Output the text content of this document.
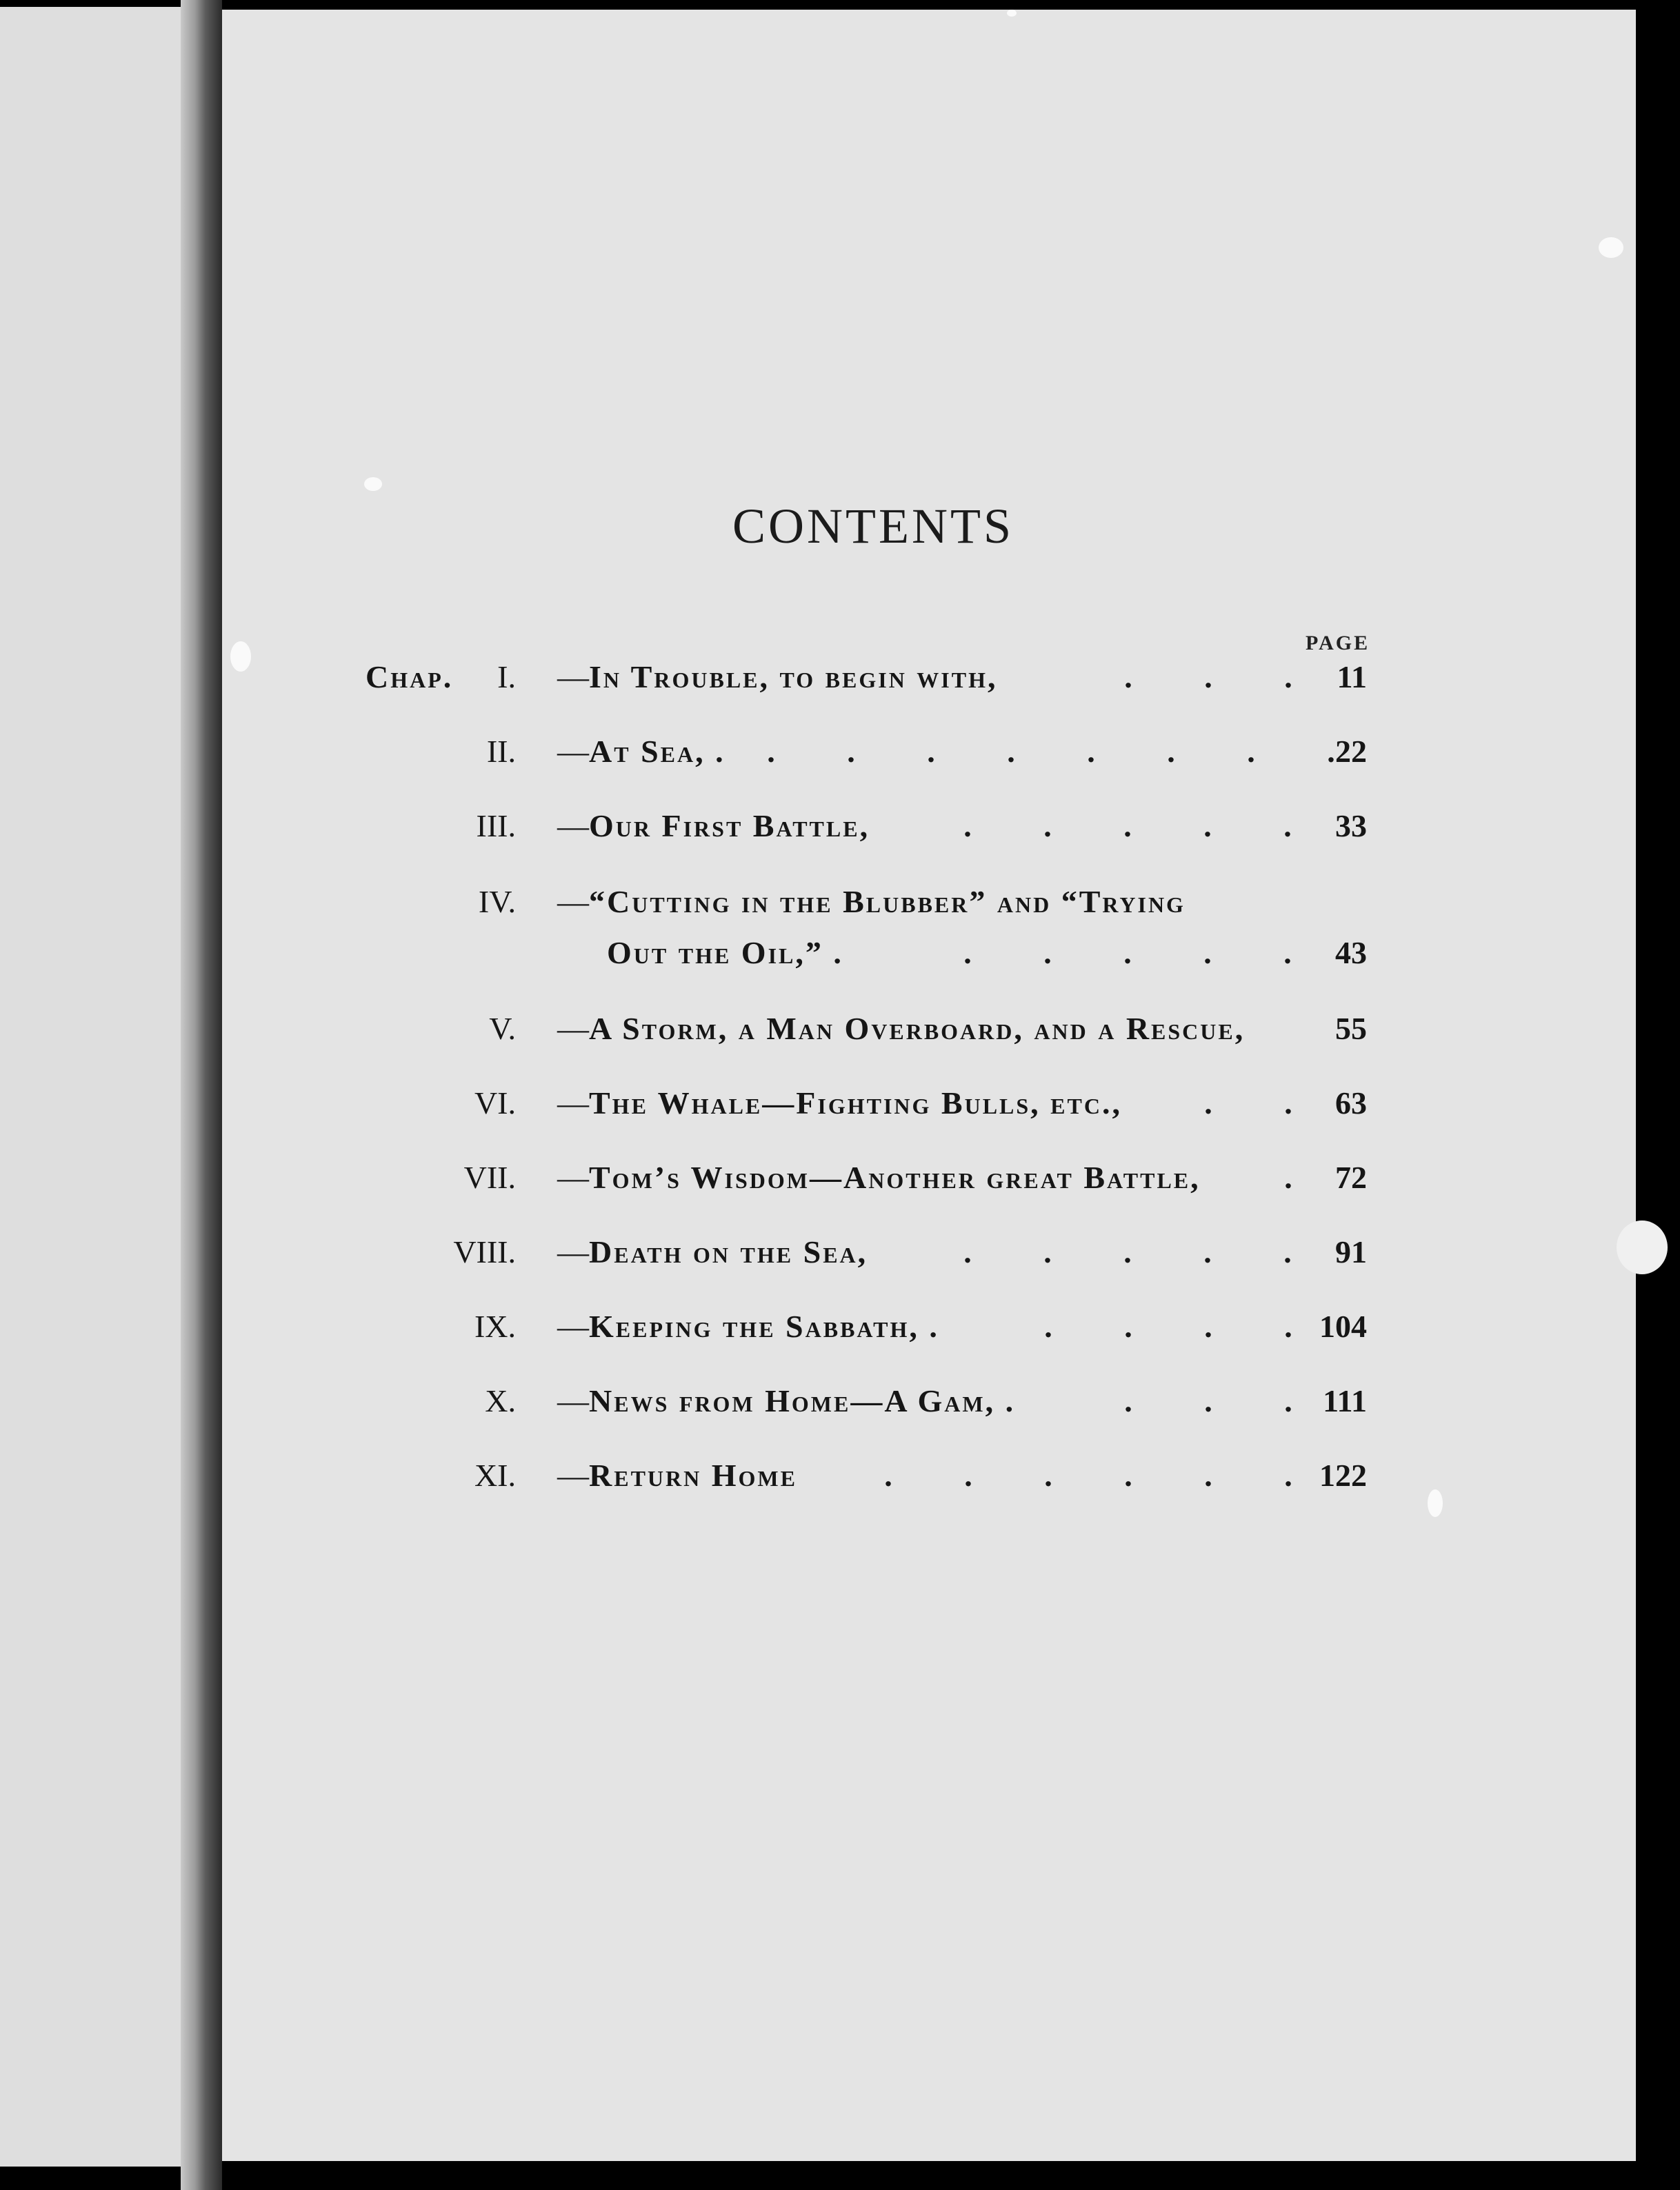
CONTENTS
PAGE
Chap.	I. —In Trouble, to begin with,	. . .	11
II. —At Sea, .	. . . . . . . . 22
III. —Our First Battle,	. . . . .	33
IV. —“Cutting in the Blubber” and “Trying
Out the Oil,” .	. . . . .	43
V. —A Storm, a Man Overboard, and a Rescue,	55
VI. —The Whale—Fighting Bulls, etc.,	. .	63
VII. —Tom’s Wisdom—Another great Battle,	.	72
VIII. —Death on the Sea,	. . . . .	91
IX. —Keeping the Sabbath, .	. . . . 104
X. —News from Home—A Gam, .	. . . 111
XI. —Return Home	. . . . . . 122
